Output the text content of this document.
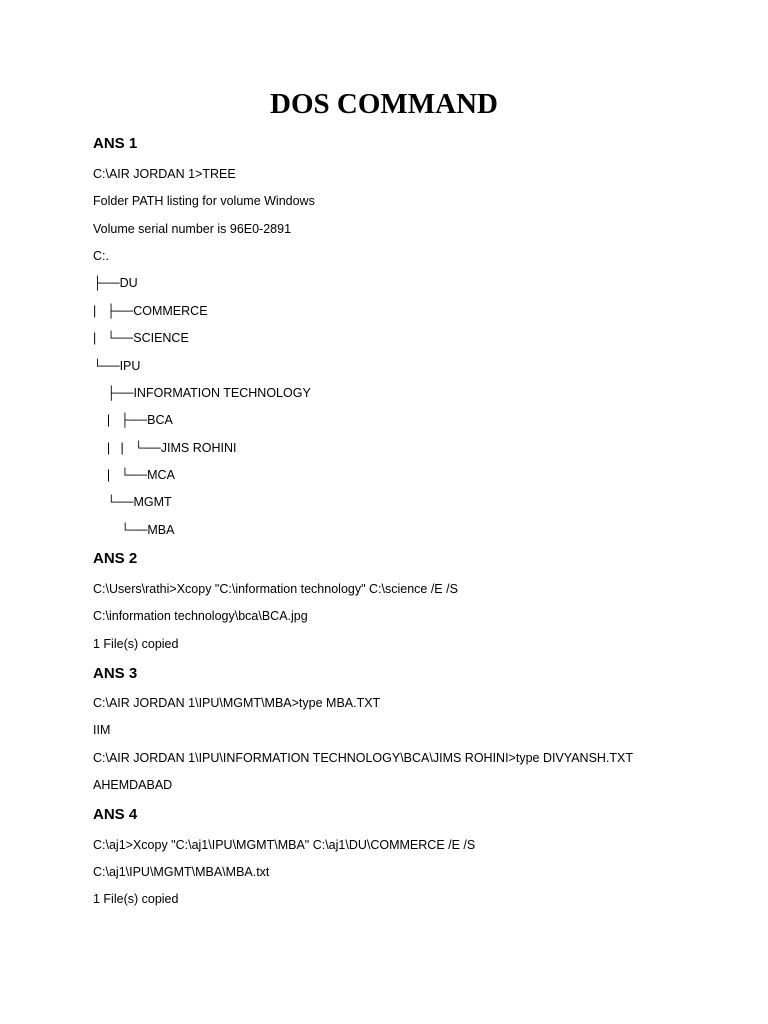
DOS COMMAND
ANS 1

C:\AIR JORDAN 1>TREE

Folder PATH listing for volume Windows

Volume serial number is 96E0-2891

C:.

├──DU

|   ├──COMMERCE

|   └──SCIENCE

└──IPU

├──INFORMATION TECHNOLOGY

|   ├──BCA

|   |   └──JIMS ROHINI

|   └──MCA

└──MGMT

└──MBA

ANS 2

C:\Users\rathi>Xcopy "C:\information technology" C:\science /E /S

C:\information technology\bca\BCA.jpg

1 File(s) copied

ANS 3

C:\AIR JORDAN 1\IPU\MGMT\MBA>type MBA.TXT

IIM

C:\AIR JORDAN 1\IPU\INFORMATION TECHNOLOGY\BCA\JIMS ROHINI>type DIVYANSH.TXT

AHEMDABAD

ANS 4

C:\aj1>Xcopy "C:\aj1\IPU\MGMT\MBA" C:\aj1\DU\COMMERCE /E /S

C:\aj1\IPU\MGMT\MBA\MBA.txt

1 File(s) copied
